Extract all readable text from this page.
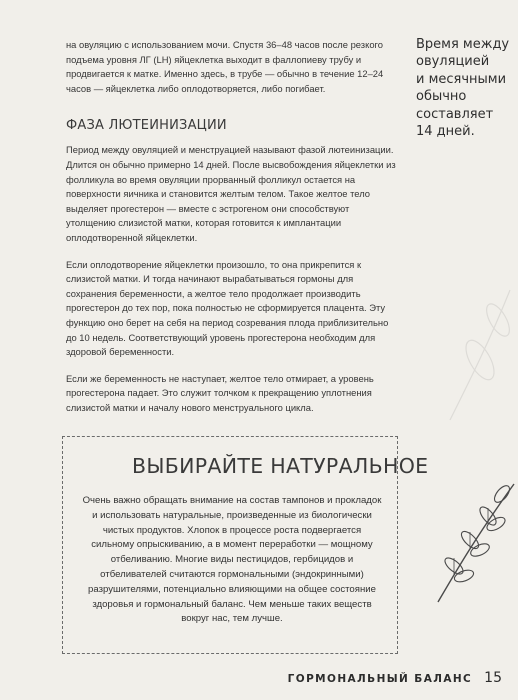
на овуляцию с использованием мочи. Спустя 36–48 часов после резкого подъема уровня ЛГ (LH) яйцеклетка выходит в фаллопиеву трубу и продвигается к матке. Именно здесь, в трубе — обычно в течение 12–24 часов — яйцеклетка либо оплодотворяется, либо погибает.

ФАЗА ЛЮТЕИНИЗАЦИИ

Период между овуляцией и менструацией называют фазой лютеинизации. Длится он обычно примерно 14 дней. После высвобождения яйцеклетки из фолликула во время овуляции прорванный фолликул остается на поверхности яичника и становится желтым телом. Такое желтое тело выделяет прогестерон — вместе с эстрогеном они способствуют утолщению слизистой матки, которая готовится к имплантации оплодотворенной яйцеклетки.

Если оплодотворение яйцеклетки произошло, то она прикрепится к слизистой матки. И тогда начинают вырабатываться гормоны для сохранения беременности, а желтое тело продолжает производить прогестерон до тех пор, пока полностью не сформируется плацента. Эту функцию оно берет на себя на период созревания плода приблизительно до 10 недель. Соответствующий уровень прогестерона необходим для здоровой беременности.

Если же беременность не наступает, желтое тело отмирает, а уровень прогестерона падает. Это служит толчком к прекращению уплотнения слизистой матки и началу нового менструального цикла.

Время между
овуляцией
и месячными
обычно
составляет
14 дней.
ВЫБИРАЙТЕ НАТУРАЛЬНОЕ

Очень важно обращать внимание на состав тампонов и прокладок и использовать натуральные, произведенные из биологически чистых продуктов. Хлопок в процессе роста подвергается сильному опрыскиванию, а в момент переработки — мощному отбеливанию. Многие виды пестицидов, гербицидов и отбеливателей считаются гормональными (эндокринными) разрушителями, потенциально влияющими на общее состояние здоровья и гормональный баланс. Чем меньше таких веществ вокруг нас, тем лучше.

ГОРМОНАЛЬНЫЙ БАЛАНС 15
